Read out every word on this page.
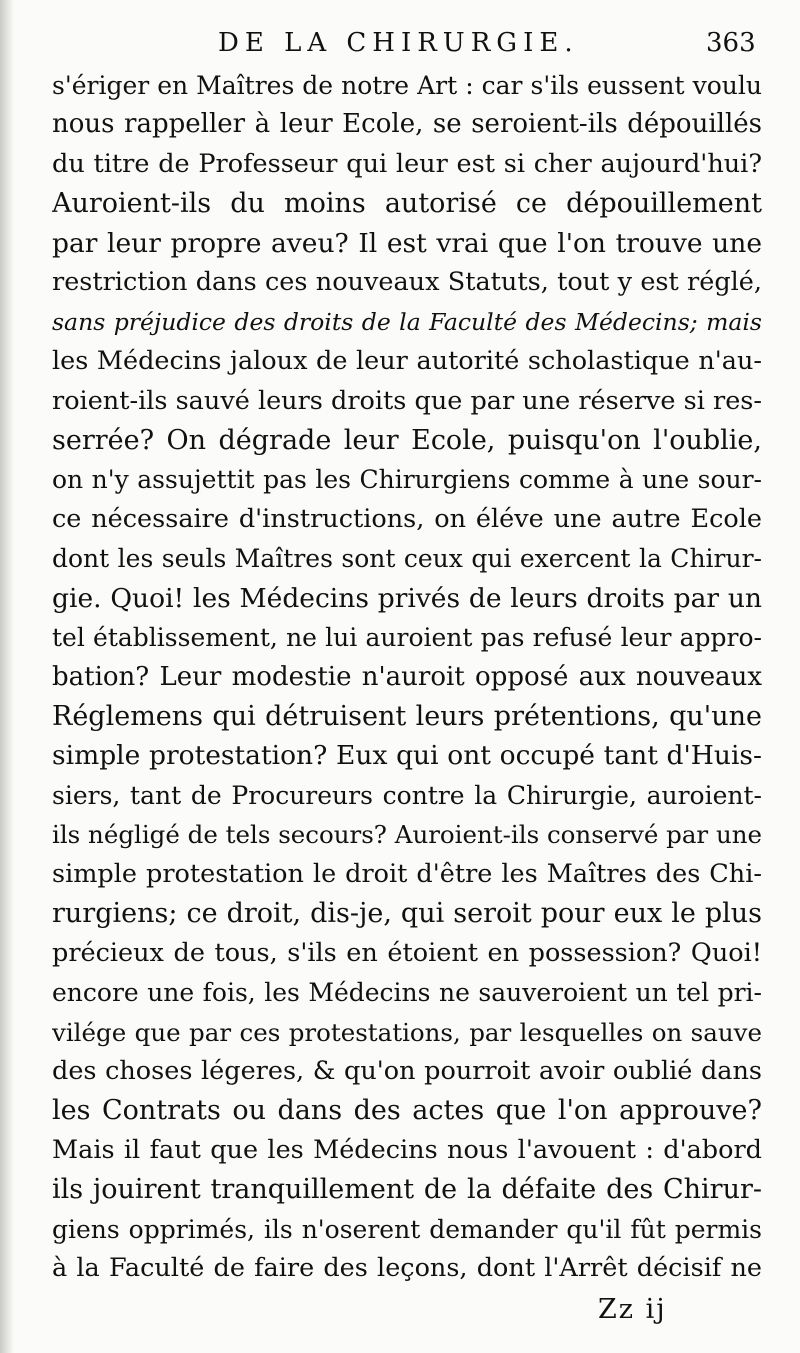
DE LA CHIRURGIE.	363
s'ériger en Maîtres de notre Art : car s'ils eussent voulu
nous rappeller à leur Ecole, se seroient-ils dépouillés
du titre de Professeur qui leur est si cher aujourd'hui?
Auroient-ils du moins autorisé ce dépouillement
par leur propre aveu? Il est vrai que l'on trouve une
restriction dans ces nouveaux Statuts, tout y est réglé,
sans préjudice des droits de la Faculté des Médecins; mais
les Médecins jaloux de leur autorité scholastique n'au-
roient-ils sauvé leurs droits que par une réserve si res-
serrée? On dégrade leur Ecole, puisqu'on l'oublie,
on n'y assujettit pas les Chirurgiens comme à une sour-
ce nécessaire d'instructions, on éléve une autre Ecole
dont les seuls Maîtres sont ceux qui exercent la Chirur-
gie. Quoi! les Médecins privés de leurs droits par un
tel établissement, ne lui auroient pas refusé leur appro-
bation? Leur modestie n'auroit opposé aux nouveaux
Réglemens qui détruisent leurs prétentions, qu'une
simple protestation? Eux qui ont occupé tant d'Huis-
siers, tant de Procureurs contre la Chirurgie, auroient-
ils négligé de tels secours? Auroient-ils conservé par une
simple protestation le droit d'être les Maîtres des Chi-
rurgiens; ce droit, dis-je, qui seroit pour eux le plus
précieux de tous, s'ils en étoient en possession? Quoi!
encore une fois, les Médecins ne sauveroient un tel pri-
vilége que par ces protestations, par lesquelles on sauve
des choses légeres, & qu'on pourroit avoir oublié dans
les Contrats ou dans des actes que l'on approuve?
Mais il faut que les Médecins nous l'avouent : d'abord
ils jouirent tranquillement de la défaite des Chirur-
giens opprimés, ils n'oserent demander qu'il fût permis
à la Faculté de faire des leçons, dont l'Arrêt décisif ne
Zz ij
